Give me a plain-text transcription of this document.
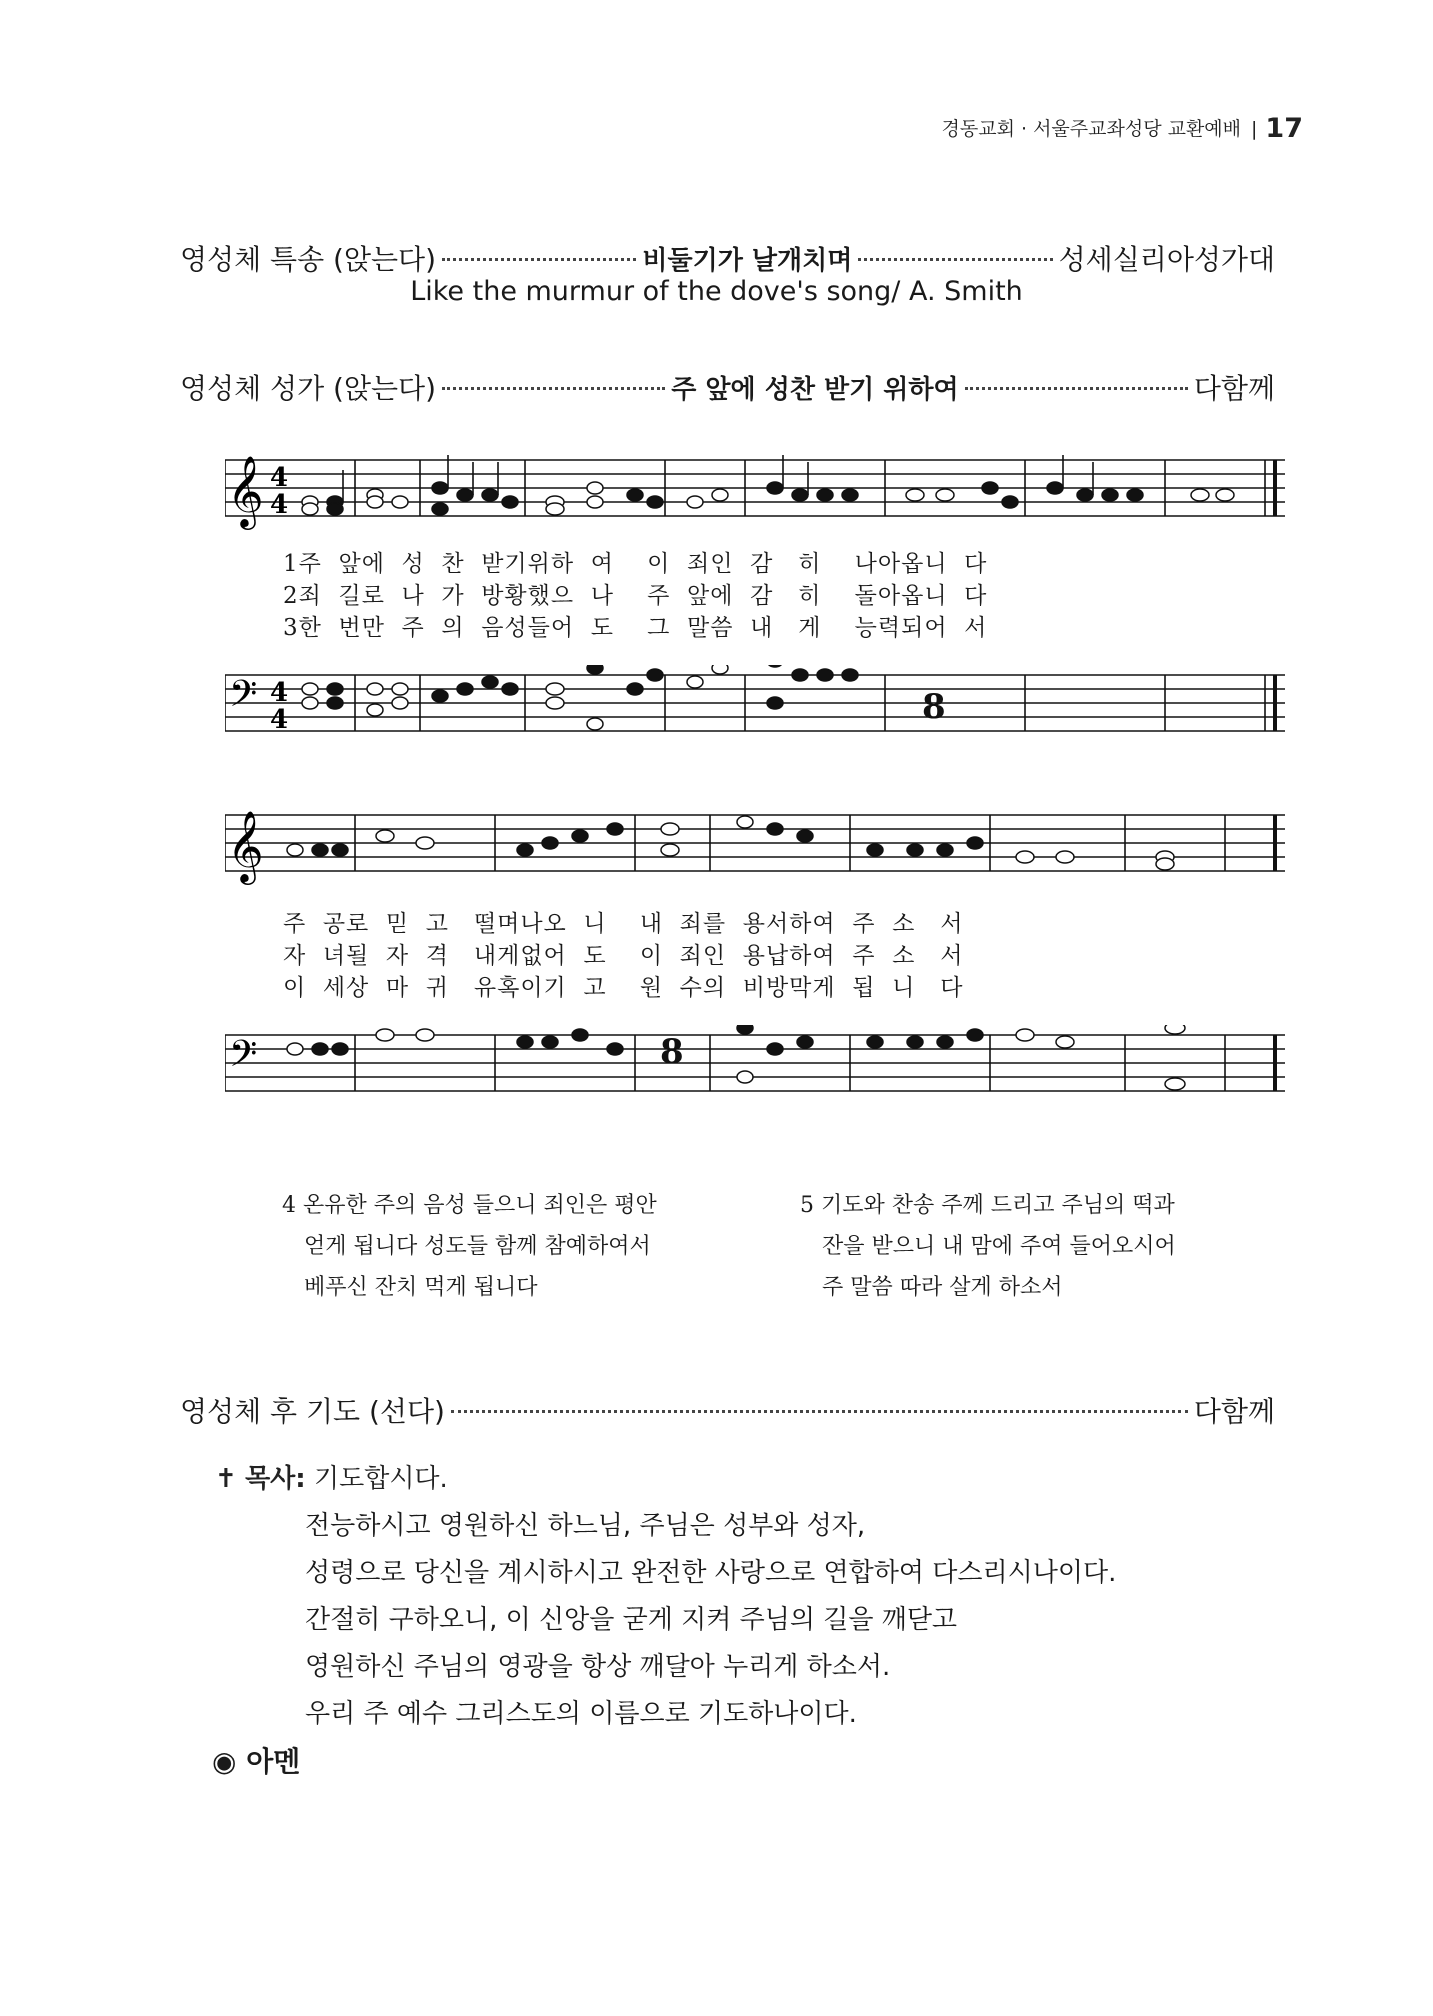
경동교회 · 서울주교좌성당 교환예배 | 17
영성체 특송 (앉는다)	비둘기가 날개치며	성세실리아성가대
Like the murmur of the dove's song/ A. Smith
영성체 성가 (앉는다)	주 앞에 성찬 받기 위하여	다함께
𝄞 4
4
1주  앞에  성  찬  받기위하  여    이  죄인  감   히    나아옵니  다
2죄  길로  나  가  방황했으  나    주  앞에  감   히    돌아옵니  다
3한  번만  주  의  음성들어  도    그  말씀  내   게    능력되어  서
𝄢 4
4	8
𝄞
주  공로  믿  고   떨며나오  니    내  죄를  용서하여  주  소   서
자  녀될  자  격   내게없어  도    이  죄인  용납하여  주  소   서
이  세상  마  귀   유혹이기  고    원  수의  비방막게  됩  니   다
𝄢	8
4 온유한 주의 음성 들으니 죄인은 평안
얻게 됩니다 성도들 함께 참예하여서
베푸신 잔치 먹게 됩니다
5 기도와 찬송 주께 드리고 주님의 떡과
잔을 받으니 내 맘에 주여 들어오시어
주 말씀 따라 살게 하소서
영성체 후 기도 (선다)	다함께
✝ 목사: 기도합시다.
전능하시고 영원하신 하느님, 주님은 성부와 성자,
성령으로 당신을 계시하시고 완전한 사랑으로 연합하여 다스리시나이다.
간절히 구하오니, 이 신앙을 굳게 지켜 주님의 길을 깨닫고
영원하신 주님의 영광을 항상 깨달아 누리게 하소서.
우리 주 예수 그리스도의 이름으로 기도하나이다.
◉ 아멘
